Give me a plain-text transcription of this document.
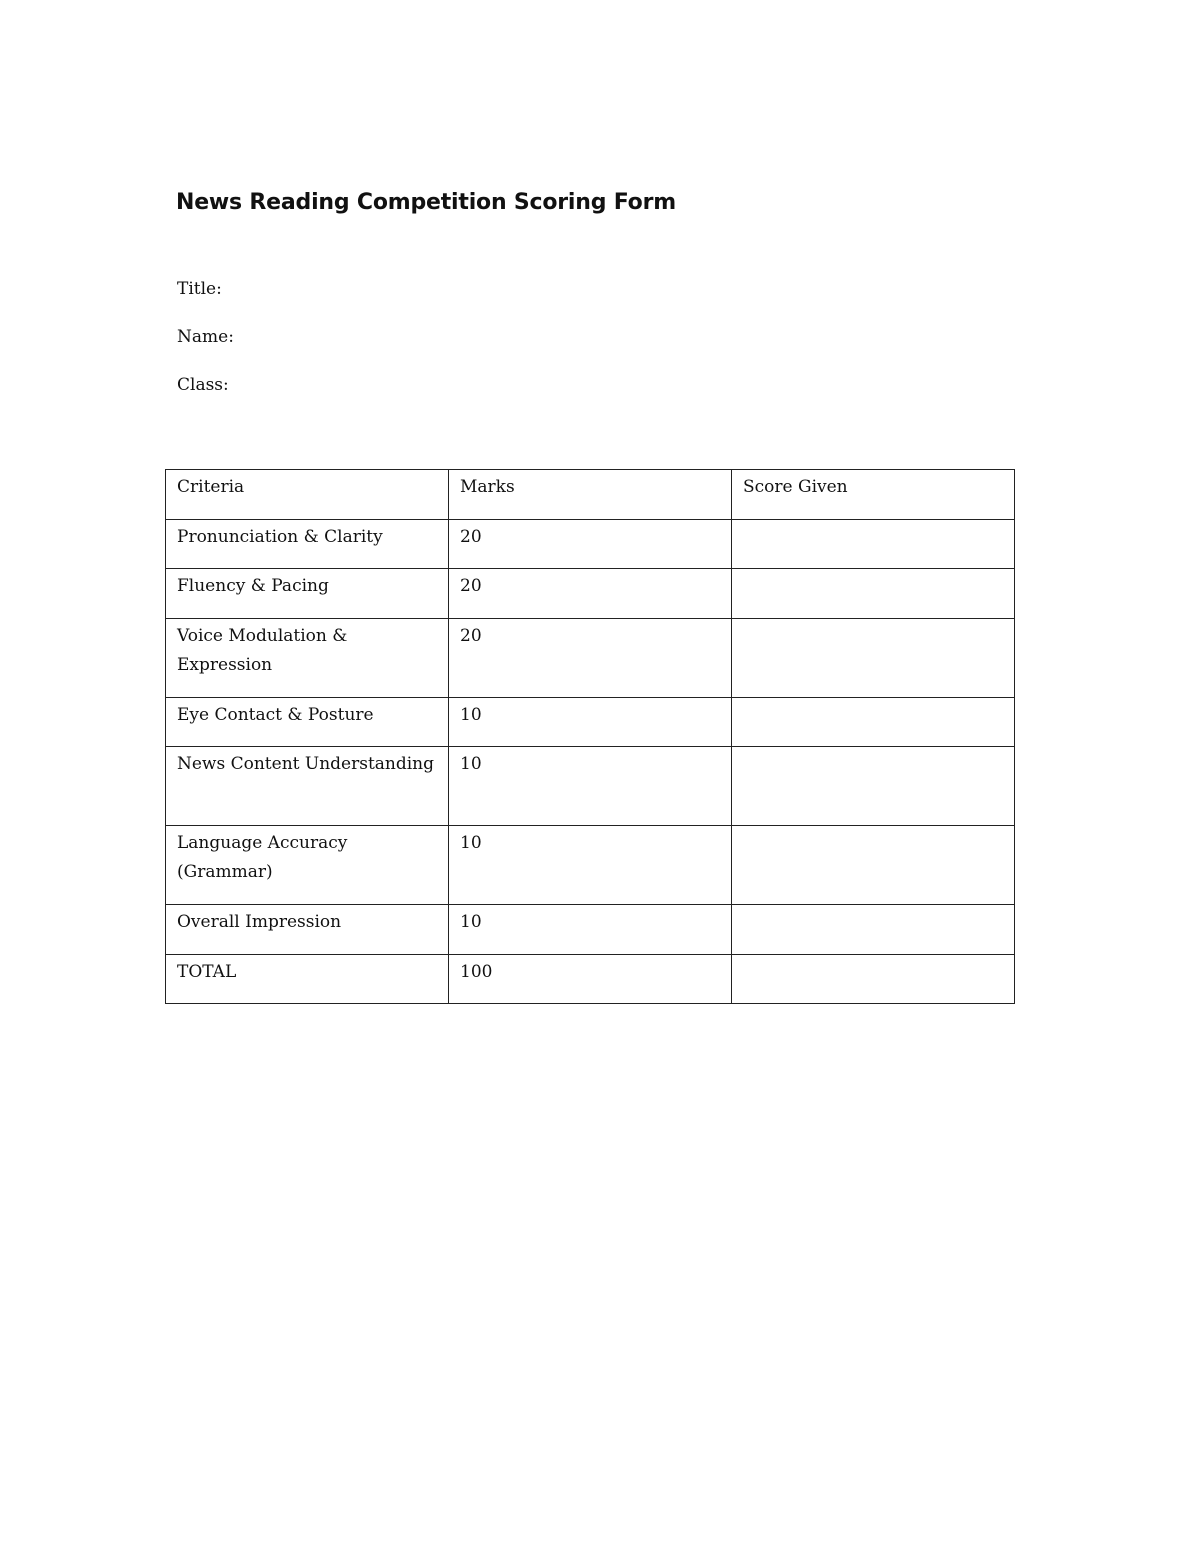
News Reading Competition Scoring Form

Title:

Name:

Class:

Criteria	Marks	Score Given
Pronunciation & Clarity	20	
Fluency & Pacing	20	
Voice Modulation & Expression	20	
Eye Contact & Posture	10	
News Content Understanding	10	
Language Accuracy (Grammar)	10	
Overall Impression	10	
TOTAL	100	
